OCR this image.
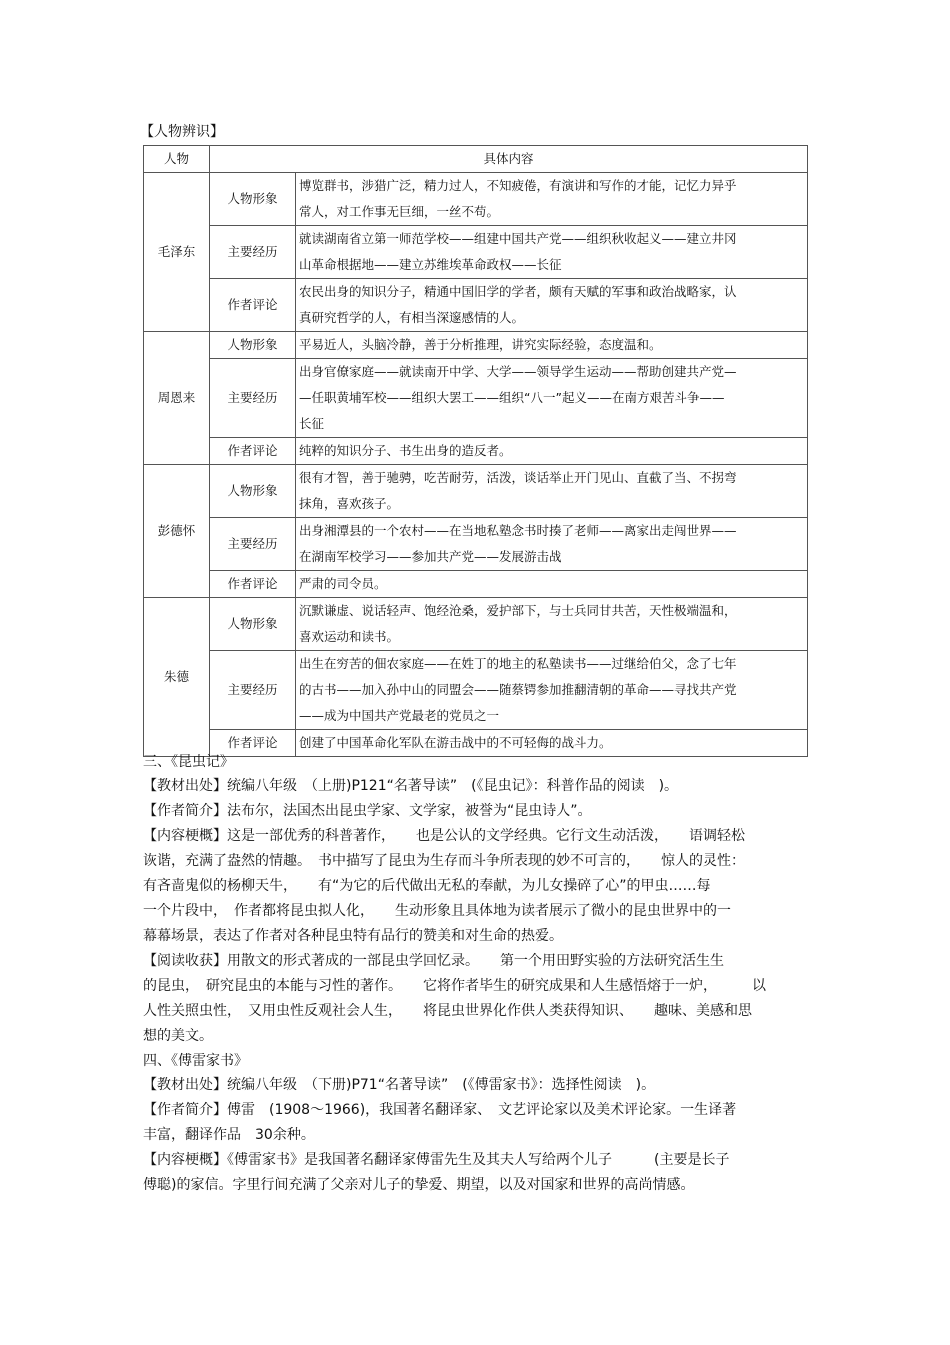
【人物辨识】
人物	具体内容	
毛泽东	人物形象	博览群书，涉猎广泛，精力过人，不知疲倦，有演讲和写作的才能，记忆力异乎
常人，对工作事无巨细，一丝不苟。
	主要经历	就读湖南省立第一师范学校——组建中国共产党——组织秋收起义——建立井冈
山革命根据地——建立苏维埃革命政权——长征
	作者评论	农民出身的知识分子，精通中国旧学的学者，颇有天赋的军事和政治战略家，认
真研究哲学的人，有相当深邃感情的人。
周恩来	人物形象	平易近人，头脑冷静，善于分析推理，讲究实际经验，态度温和。
	主要经历	出身官僚家庭——就读南开中学、大学——领导学生运动——帮助创建共产党—
—任职黄埔军校——组织大罢工——组织“八一”起义——在南方艰苦斗争——
长征
	作者评论	纯粹的知识分子、书生出身的造反者。
彭德怀	人物形象	很有才智，善于驰骋，吃苦耐劳，活泼，谈话举止开门见山、直截了当、不拐弯
抹角，喜欢孩子。
	主要经历	出身湘潭县的一个农村——在当地私塾念书时揍了老师——离家出走闯世界——
在湖南军校学习——参加共产党——发展游击战
	作者评论	严肃的司令员。
朱德	人物形象	沉默谦虚、说话轻声、饱经沧桑，爱护部下，与士兵同甘共苦，天性极端温和，
喜欢运动和读书。
	主要经历	出生在穷苦的佃农家庭——在姓丁的地主的私塾读书——过继给伯父，念了七年
的古书——加入孙中山的同盟会——随蔡锷参加推翻清朝的革命——寻找共产党
——成为中国共产党最老的党员之一
	作者评论	创建了中国革命化军队在游击战中的不可轻侮的战斗力。
三、《昆虫记》
【教材出处】统编八年级　（上册)P121“名著导读”　(《昆虫记》：科普作品的阅读　)。
【作者简介】法布尔，法国杰出昆虫学家、文学家，被誉为“昆虫诗人”。
【内容梗概】这是一部优秀的科普著作，　　也是公认的文学经典。它行文生动活泼，　　语调轻松
诙谐，充满了盎然的情趣。　书中描写了昆虫为生存而斗争所表现的妙不可言的，　　惊人的灵性：
有吝啬鬼似的杨柳天牛，　　有“为它的后代做出无私的奉献，为儿女操碎了心”的甲虫……每
一个片段中，　作者都将昆虫拟人化，　　生动形象且具体地为读者展示了微小的昆虫世界中的一
幕幕场景，表达了作者对各种昆虫特有品行的赞美和对生命的热爱。
【阅读收获】用散文的形式著成的一部昆虫学回忆录。　　第一个用田野实验的方法研究活生生
的昆虫，　研究昆虫的本能与习性的著作。　　它将作者毕生的研究成果和人生感悟熔于一炉，　　　以
人性关照虫性，　又用虫性反观社会人生，　　将昆虫世界化作供人类获得知识、　　趣味、美感和思
想的美文。
四、《傅雷家书》
【教材出处】统编八年级　（下册)P71“名著导读”　(《傅雷家书》：选择性阅读　)。
【作者简介】傅雷　(1908～1966)，我国著名翻译家、　文艺评论家以及美术评论家。一生译著
丰富，翻译作品　30余种。
【内容梗概】《傅雷家书》是我国著名翻译家傅雷先生及其夫人写给两个儿子　　　(主要是长子
傅聪)的家信。字里行间充满了父亲对儿子的挚爱、期望，以及对国家和世界的高尚情感。
